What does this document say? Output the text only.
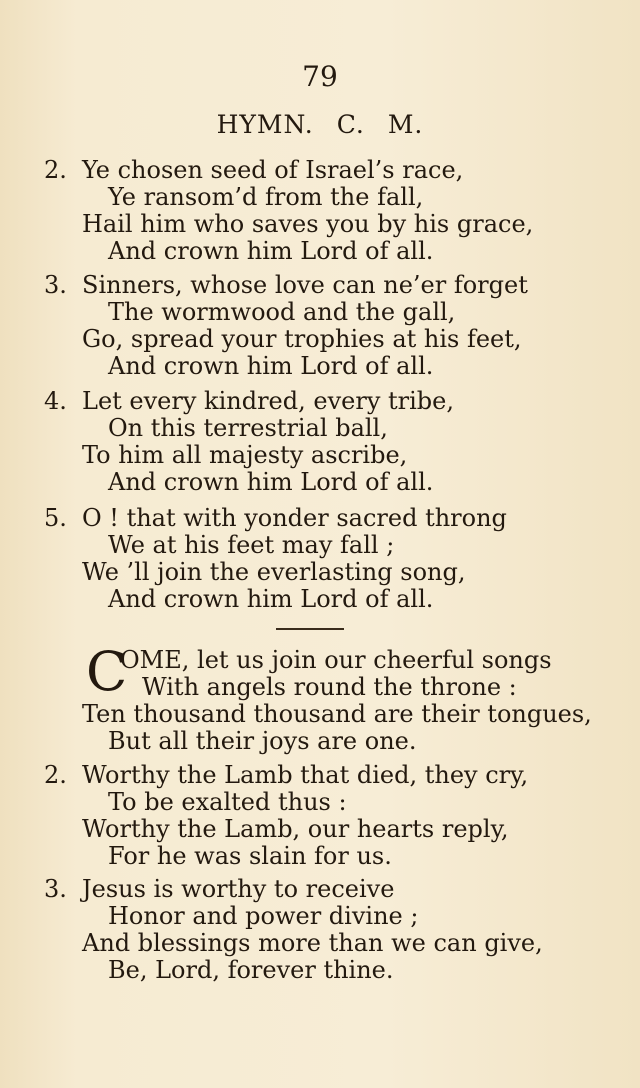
79
HYMN. C. M.
2. Ye chosen seed of Israel’s race,
Ye ransom’d from the fall,
Hail him who saves you by his grace,
And crown him Lord of all.
3. Sinners, whose love can ne’er forget
The wormwood and the gall,
Go, spread your trophies at his feet,
And crown him Lord of all.
4. Let every kindred, every tribe,
On this terrestrial ball,
To him all majesty ascribe,
And crown him Lord of all.
5. O ! that with yonder sacred throng
We at his feet may fall ;
We ’ll join the everlasting song,
And crown him Lord of all.
C
OME, let us join our cheerful songs
With angels round the throne :
Ten thousand thousand are their tongues,
But all their joys are one.
2. Worthy the Lamb that died, they cry,
To be exalted thus :
Worthy the Lamb, our hearts reply,
For he was slain for us.
3. Jesus is worthy to receive
Honor and power divine ;
And blessings more than we can give,
Be, Lord, forever thine.
